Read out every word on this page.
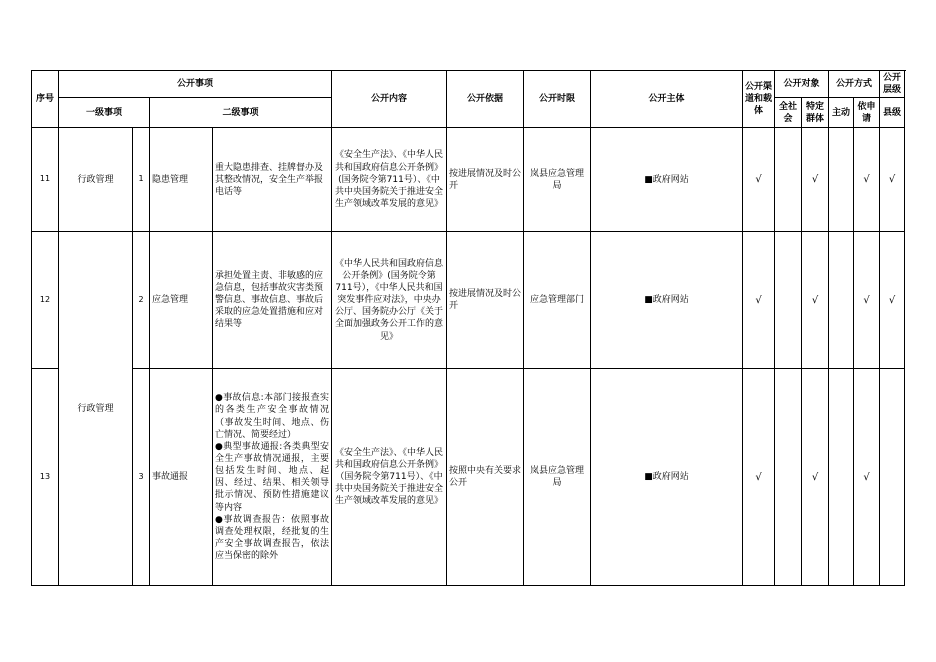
序号	公开事项				公开内容	公开依据	公开时限	公开主体	公开渠道和载体	公开对象		公开方式		公开层级	
	一级事项		二级事项							全社会	特定群体	主动	依申请	县级	
11	行政管理	1	隐患管理	重大隐患排查、挂牌督办及其整改情况，安全生产举报电话等	《安全生产法》、《中华人民共和国政府信息公开条例》(国务院令第711号）、《中共中央国务院关于推进安全生产领域改革发展的意见》	按进展情况及时公开	岚县应急管理局	■政府网站	√		√		√	√	
12	行政管理	2	应急管理	承担处置主责、非敏感的应急信息，包括事故灾害类预警信息、事故信息、事故后采取的应急处置措施和应对结果等	《中华人民共和国政府信息公开条例》(国务院令第711号），《中华人民共和国突发事件应对法》，中央办公厅、国务院办公厅《关于全面加强政务公开工作的意见》	按进展情况及时公开	应急管理部门	■政府网站	√		√		√	√	
13		3	事故通报	●事故信息:本部门接报查实的各类生产安全事故情况（事故发生时间、地点、伤亡情况、简要经过）
●典型事故通报:各类典型安全生产事故情况通报，主要包括发生时间、地点、起因、经过、结果、相关领导批示情况、预防性措施建议等内容
●事故调查报告：依照事故调查处理权限，经批复的生产安全事故调查报告，依法应当保密的除外	《安全生产法》、《中华人民共和国政府信息公开条例》（国务院令第711号）、《中共中央国务院关于推进安全生产领域改革发展的意见》	按照中央有关要求公开	岚县应急管理局	■政府网站	√		√		√		
